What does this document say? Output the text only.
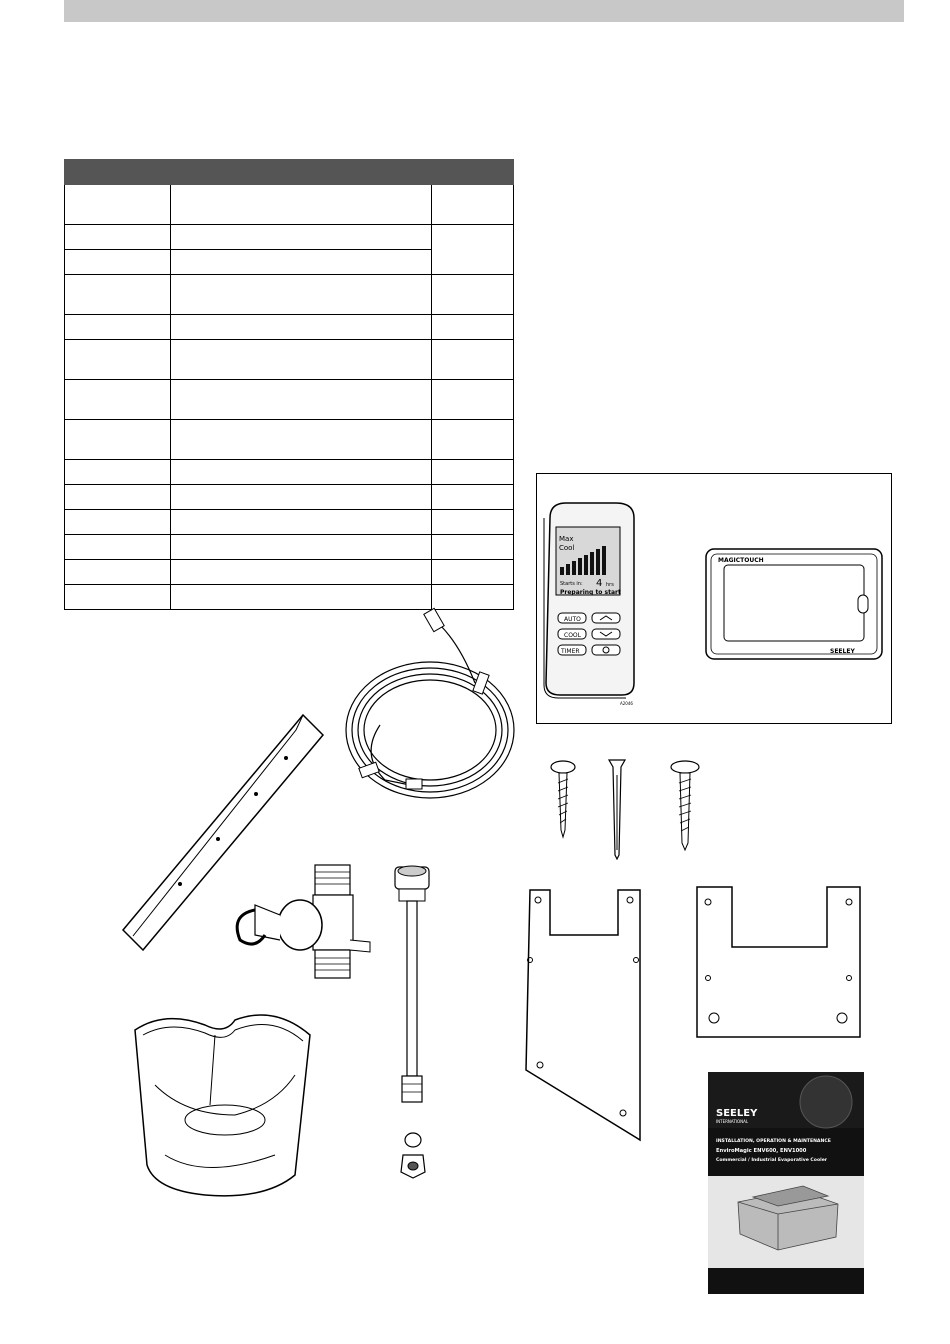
Max
Cool
Starts in: 4 hrs
Preparing to start
AUTO
COOL
TIMER
A2046
MAGICTOUCH
SEELEY
SEELEY
INTERNATIONAL
INSTALLATION, OPERATION & MAINTENANCE
EnviroMagic ENV600, ENV1000
Commercial / Industrial Evaporative Cooler
